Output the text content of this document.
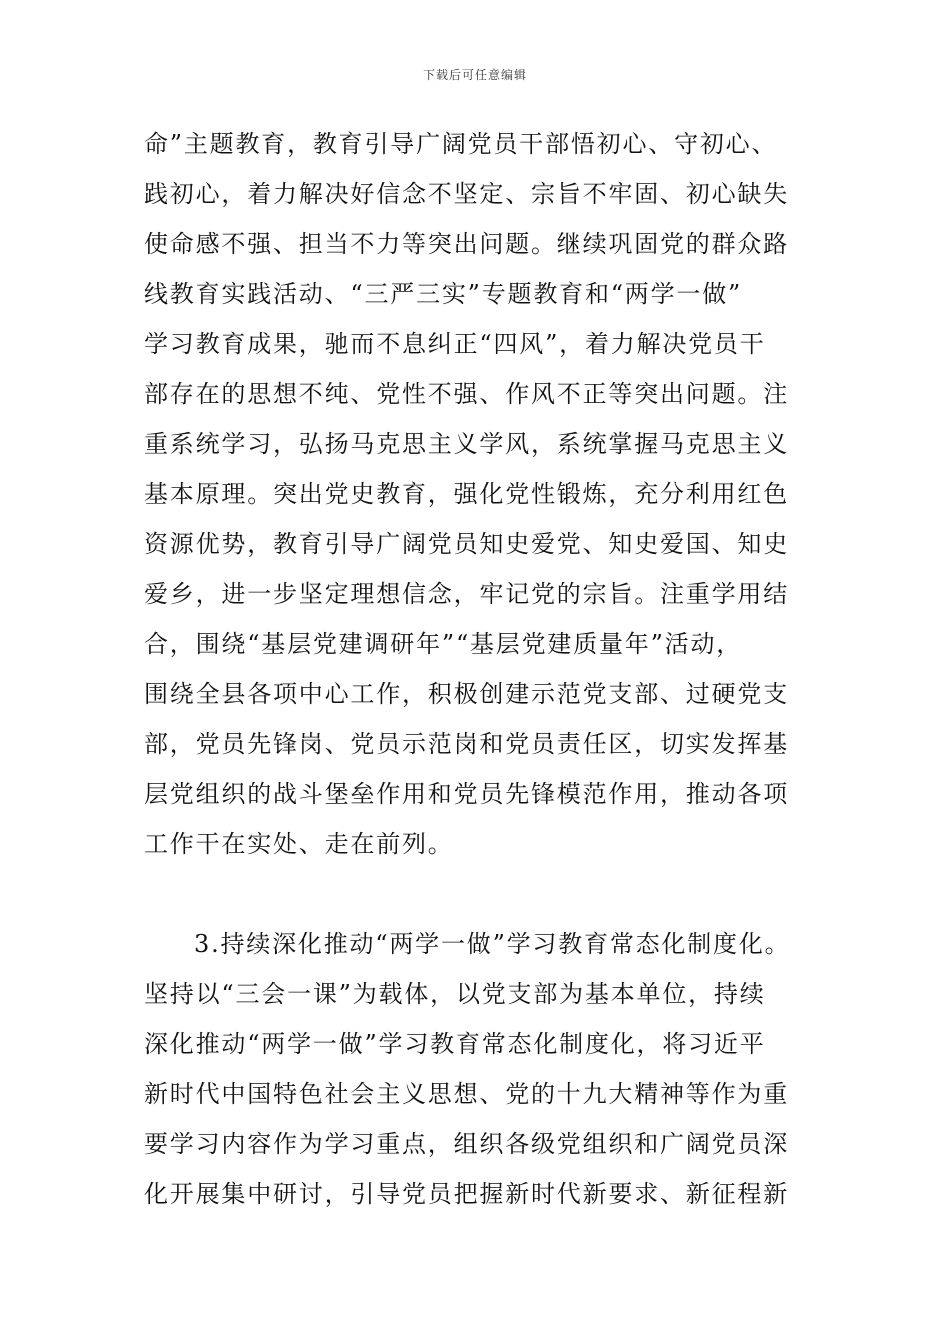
下载后可任意编辑
命”主题教育，教育引导广阔党员干部悟初心、守初心、
践初心，着力解决好信念不坚定、宗旨不牢固、初心缺失
使命感不强、担当不力等突出问题。继续巩固党的群众路
线教育实践活动、“三严三实”专题教育和“两学一做”
学习教育成果，驰而不息纠正“四风”，着力解决党员干
部存在的思想不纯、党性不强、作风不正等突出问题。注
重系统学习，弘扬马克思主义学风，系统掌握马克思主义
基本原理。突出党史教育，强化党性锻炼，充分利用红色
资源优势，教育引导广阔党员知史爱党、知史爱国、知史
爱乡，进一步坚定理想信念，牢记党的宗旨。注重学用结
合，围绕“基层党建调研年”“基层党建质量年”活动，
围绕全县各项中心工作，积极创建示范党支部、过硬党支
部，党员先锋岗、党员示范岗和党员责任区，切实发挥基
层党组织的战斗堡垒作用和党员先锋模范作用，推动各项
工作干在实处、走在前列。
3.持续深化推动“两学一做”学习教育常态化制度化。
坚持以“三会一课”为载体，以党支部为基本单位，持续
深化推动“两学一做”学习教育常态化制度化，将习近平
新时代中国特色社会主义思想、党的十九大精神等作为重
要学习内容作为学习重点，组织各级党组织和广阔党员深
化开展集中研讨，引导党员把握新时代新要求、新征程新
